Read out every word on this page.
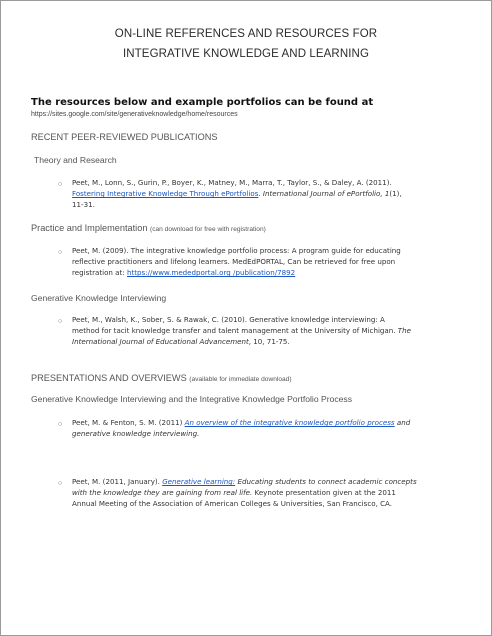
ON-LINE REFERENCES AND RESOURCES FOR
INTEGRATIVE KNOWLEDGE AND LEARNING
The resources below and example portfolios can be found at
https://sites.google.com/site/generativeknowledge/home/resources
RECENT PEER-REVIEWED PUBLICATIONS
Theory and Research
○ Peet, M., Lonn, S., Gurin, P., Boyer, K., Matney, M., Marra, T., Taylor, S., & Daley, A. (2011).
Fostering Integrative Knowledge Through ePortfolios. International Journal of ePortfolio, 1(1),
11-31.
Practice and Implementation (can download for free with registration)
○ Peet, M. (2009). The integrative knowledge portfolio process: A program guide for educating
reflective practitioners and lifelong learners. MedEdPORTAL, Can be retrieved for free upon
registration at: https://www.mededportal.org /publication/7892
Generative Knowledge Interviewing
○ Peet, M., Walsh, K., Sober, S. & Rawak, C. (2010). Generative knowledge interviewing: A
method for tacit knowledge transfer and talent management at the University of Michigan. The
International Journal of Educational Advancement, 10, 71-75.
PRESENTATIONS AND OVERVIEWS (available for immediate download)
Generative Knowledge Interviewing and the Integrative Knowledge Portfolio Process
○ Peet, M. & Fenton, S. M. (2011) An overview of the integrative knowledge portfolio process and
generative knowledge interviewing.
○ Peet, M. (2011, January). Generative learning: Educating students to connect academic concepts
with the knowledge they are gaining from real life. Keynote presentation given at the 2011
Annual Meeting of the Association of American Colleges & Universities, San Francisco, CA.
